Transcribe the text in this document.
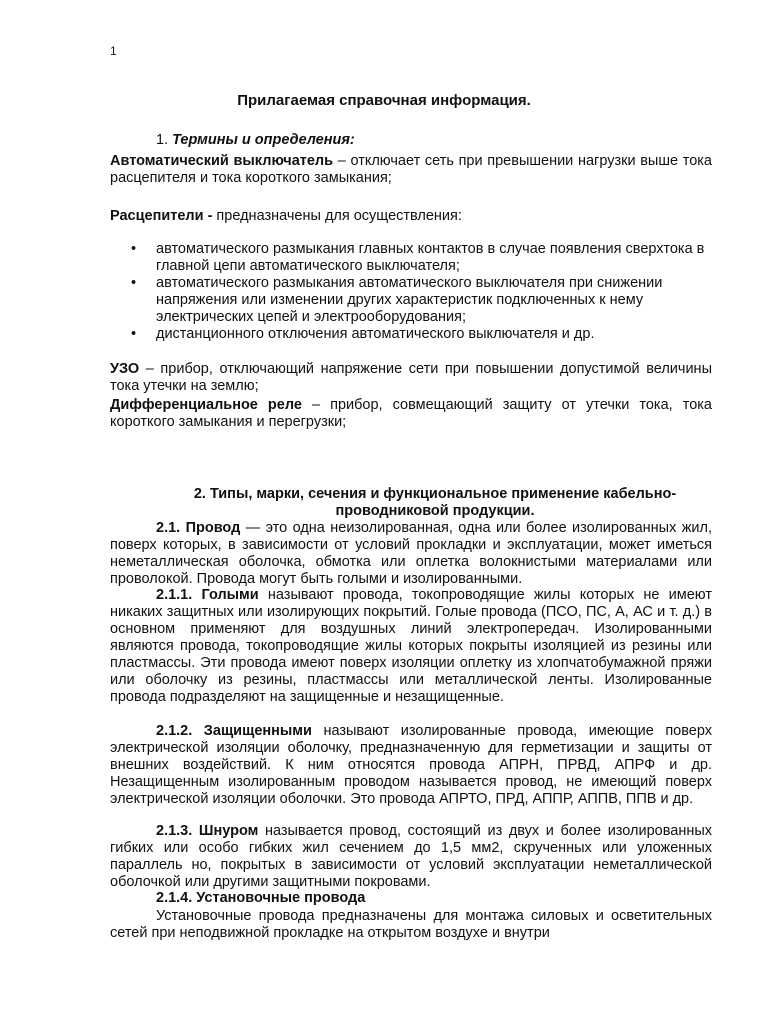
1
Прилагаемая справочная информация.
1. Термины и определения:
Автоматический выключатель – отключает сеть при превышении нагрузки выше тока расцепителя и тока короткого замыкания;
Расцепители - предназначены для осуществления:
• автоматического размыкания главных контактов в случае появления сверхтока в главной цепи автоматического выключателя;
• автоматического размыкания автоматического выключателя при снижении напряжения или изменении других характеристик подключенных к нему электрических цепей и электрооборудования;
• дистанционного отключения автоматического выключателя и др.
УЗО – прибор, отключающий напряжение сети при повышении допустимой величины тока утечки на землю;
Дифференциальное реле – прибор, совмещающий защиту от утечки тока, тока короткого замыкания и перегрузки;
2. Типы, марки, сечения и функциональное применение кабельно-проводниковой продукции.
2.1. Провод — это одна неизолированная, одна или более изолированных жил, поверх которых, в зависимости от условий прокладки и эксплуатации, может иметься неметаллическая оболочка, обмотка или оплетка волокнистыми материалами или проволокой. Провода могут быть голыми и изолированными.
2.1.1. Голыми называют провода, токопроводящие жилы которых не имеют никаких защитных или изолирующих покрытий. Голые провода (ПСО, ПС, А, АС и т. д.) в основном применяют для воздушных линий электропередач. Изолированными являются провода, токопроводящие жилы которых покрыты изоляцией из резины или пластмассы. Эти провода имеют поверх изоляции оплетку из хлопчатобумажной пряжи или оболочку из резины, пластмассы или металлической ленты. Изолированные провода подразделяют на защищенные и незащищенные.
2.1.2. Защищенными называют изолированные провода, имеющие поверх электрической изоляции оболочку, предназначенную для герметизации и защиты от внешних воздействий. К ним относятся провода АПРН, ПРВД, АПРФ и др. Незащищенным изолированным проводом называется провод, не имеющий поверх электрической изоляции оболочки. Это провода АПРТО, ПРД, АППР, АППВ, ППВ и др.
2.1.3. Шнуром называется провод, состоящий из двух и более изолированных гибких или особо гибких жил сечением до 1,5 мм2, скрученных или уложенных параллель но, покрытых в зависимости от условий эксплуатации неметаллической оболочкой или другими защитными покровами.
2.1.4. Установочные провода
Установочные провода предназначены для монтажа силовых и осветительных сетей при неподвижной прокладке на открытом воздухе и внутри
